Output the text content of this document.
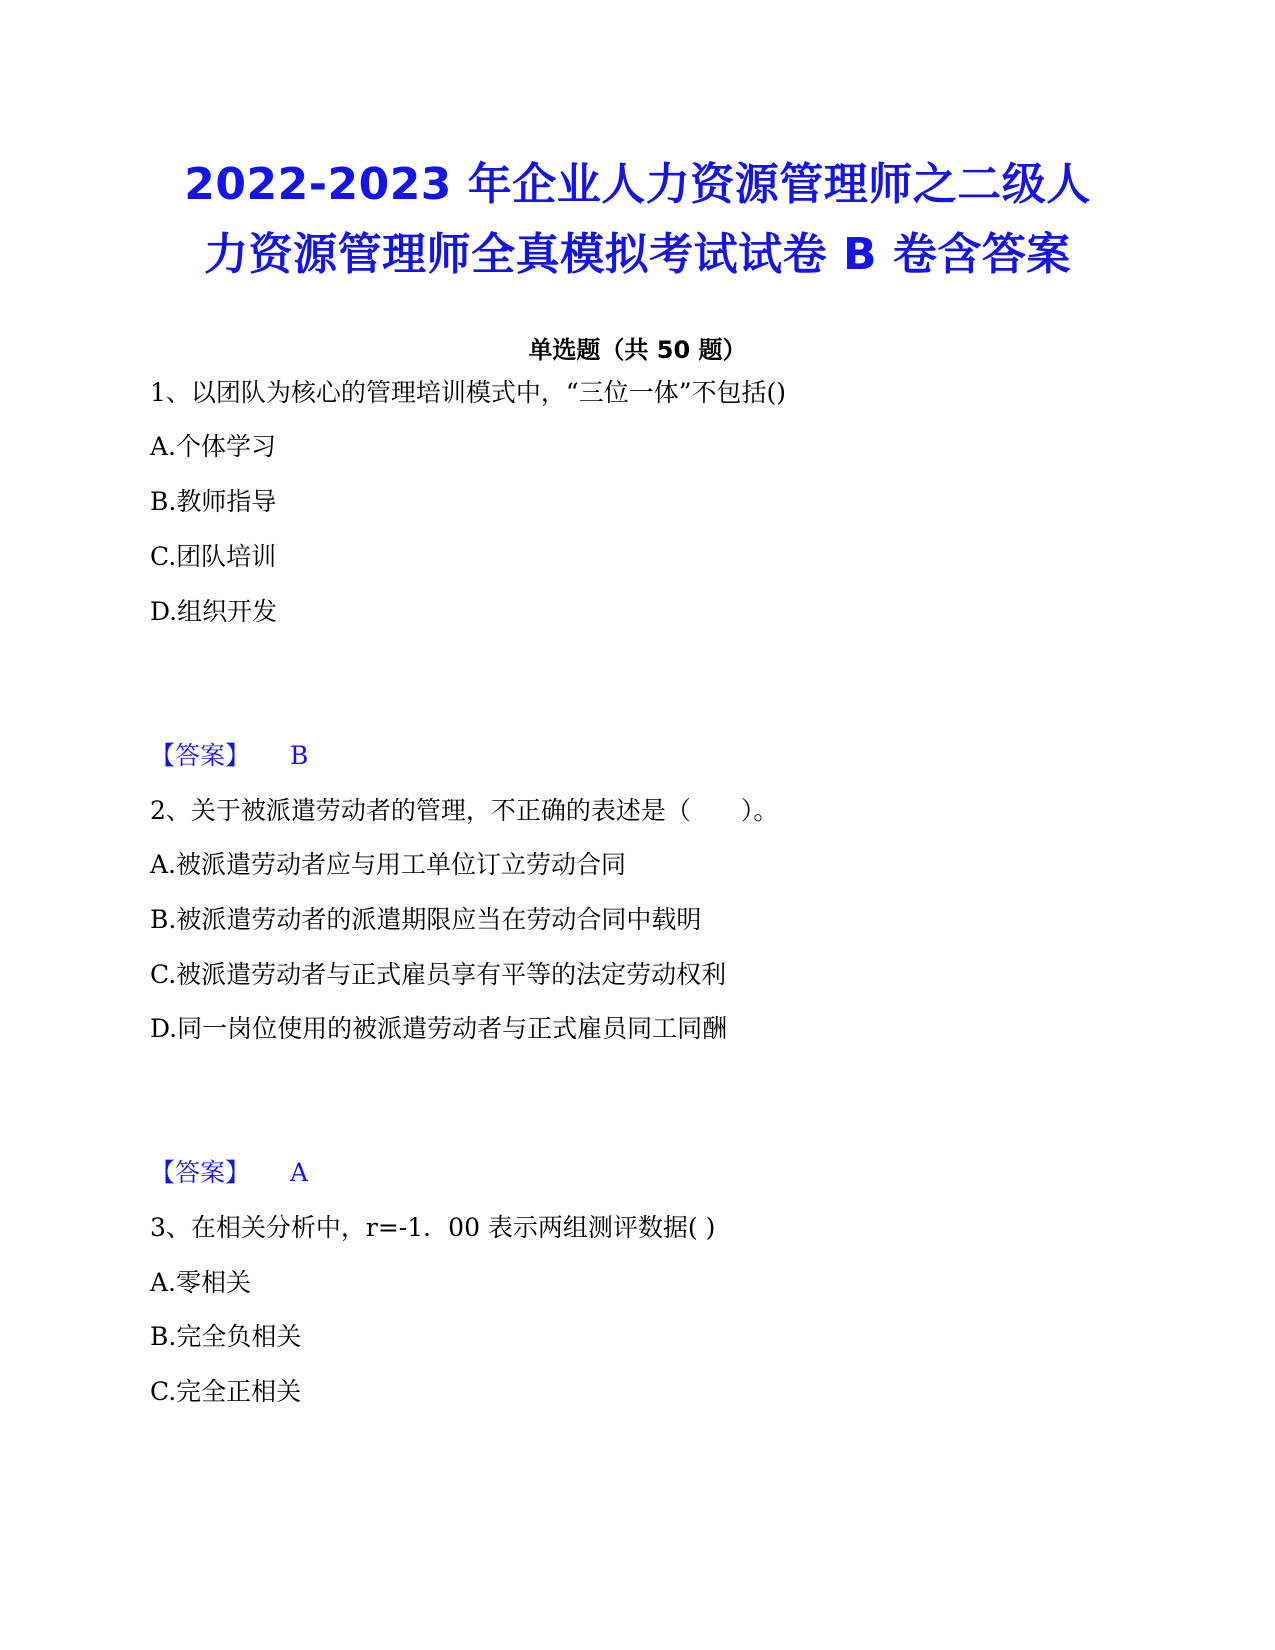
2022-2023 年企业人力资源管理师之二级人
力资源管理师全真模拟考试试卷 B 卷含答案
单选题（共 50 题）
1、以团队为核心的管理培训模式中，“三位一体”不包括()
A.个体学习
B.教师指导
C.团队培训
D.组织开发
【答案】 B
2、关于被派遣劳动者的管理，不正确的表述是（　　）。
A.被派遣劳动者应与用工单位订立劳动合同
B.被派遣劳动者的派遣期限应当在劳动合同中载明
C.被派遣劳动者与正式雇员享有平等的法定劳动权利
D.同一岗位使用的被派遣劳动者与正式雇员同工同酬
【答案】 A
3、在相关分析中，r=-1．00 表示两组测评数据( )
A.零相关
B.完全负相关
C.完全正相关
